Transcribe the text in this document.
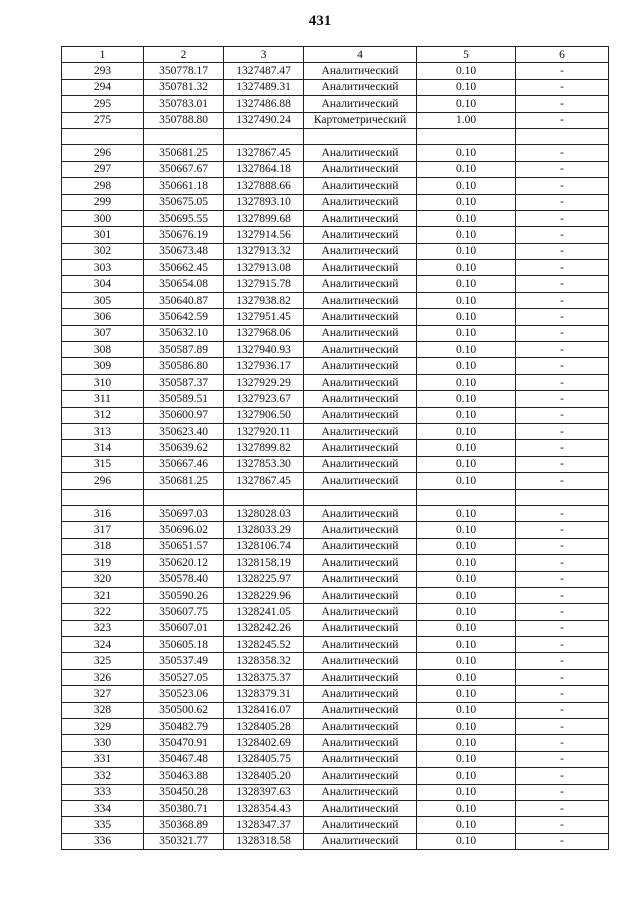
431
1	2	3	4	5	6
293	350778.17	1327487.47	Аналитический	0.10	-
294	350781.32	1327489.31	Аналитический	0.10	-
295	350783.01	1327486.88	Аналитический	0.10	-
275	350788.80	1327490.24	Картометрический	1.00	-

296	350681.25	1327867.45	Аналитический	0.10	-
297	350667.67	1327864.18	Аналитический	0.10	-
298	350661.18	1327888.66	Аналитический	0.10	-
299	350675.05	1327893.10	Аналитический	0.10	-
300	350695.55	1327899.68	Аналитический	0.10	-
301	350676.19	1327914.56	Аналитический	0.10	-
302	350673.48	1327913.32	Аналитический	0.10	-
303	350662.45	1327913.08	Аналитический	0.10	-
304	350654.08	1327915.78	Аналитический	0.10	-
305	350640.87	1327938.82	Аналитический	0.10	-
306	350642.59	1327951.45	Аналитический	0.10	-
307	350632.10	1327968.06	Аналитический	0.10	-
308	350587.89	1327940.93	Аналитический	0.10	-
309	350586.80	1327936.17	Аналитический	0.10	-
310	350587.37	1327929.29	Аналитический	0.10	-
311	350589.51	1327923.67	Аналитический	0.10	-
312	350600.97	1327906.50	Аналитический	0.10	-
313	350623.40	1327920.11	Аналитический	0.10	-
314	350639.62	1327899.82	Аналитический	0.10	-
315	350667.46	1327853.30	Аналитический	0.10	-
296	350681.25	1327867.45	Аналитический	0.10	-

316	350697.03	1328028.03	Аналитический	0.10	-
317	350696.02	1328033.29	Аналитический	0.10	-
318	350651.57	1328106.74	Аналитический	0.10	-
319	350620.12	1328158.19	Аналитический	0.10	-
320	350578.40	1328225.97	Аналитический	0.10	-
321	350590.26	1328229.96	Аналитический	0.10	-
322	350607.75	1328241.05	Аналитический	0.10	-
323	350607.01	1328242.26	Аналитический	0.10	-
324	350605.18	1328245.52	Аналитический	0.10	-
325	350537.49	1328358.32	Аналитический	0.10	-
326	350527.05	1328375.37	Аналитический	0.10	-
327	350523.06	1328379.31	Аналитический	0.10	-
328	350500.62	1328416.07	Аналитический	0.10	-
329	350482.79	1328405.28	Аналитический	0.10	-
330	350470.91	1328402.69	Аналитический	0.10	-
331	350467.48	1328405.75	Аналитический	0.10	-
332	350463.88	1328405.20	Аналитический	0.10	-
333	350450.28	1328397.63	Аналитический	0.10	-
334	350380.71	1328354.43	Аналитический	0.10	-
335	350368.89	1328347.37	Аналитический	0.10	-
336	350321.77	1328318.58	Аналитический	0.10	-
